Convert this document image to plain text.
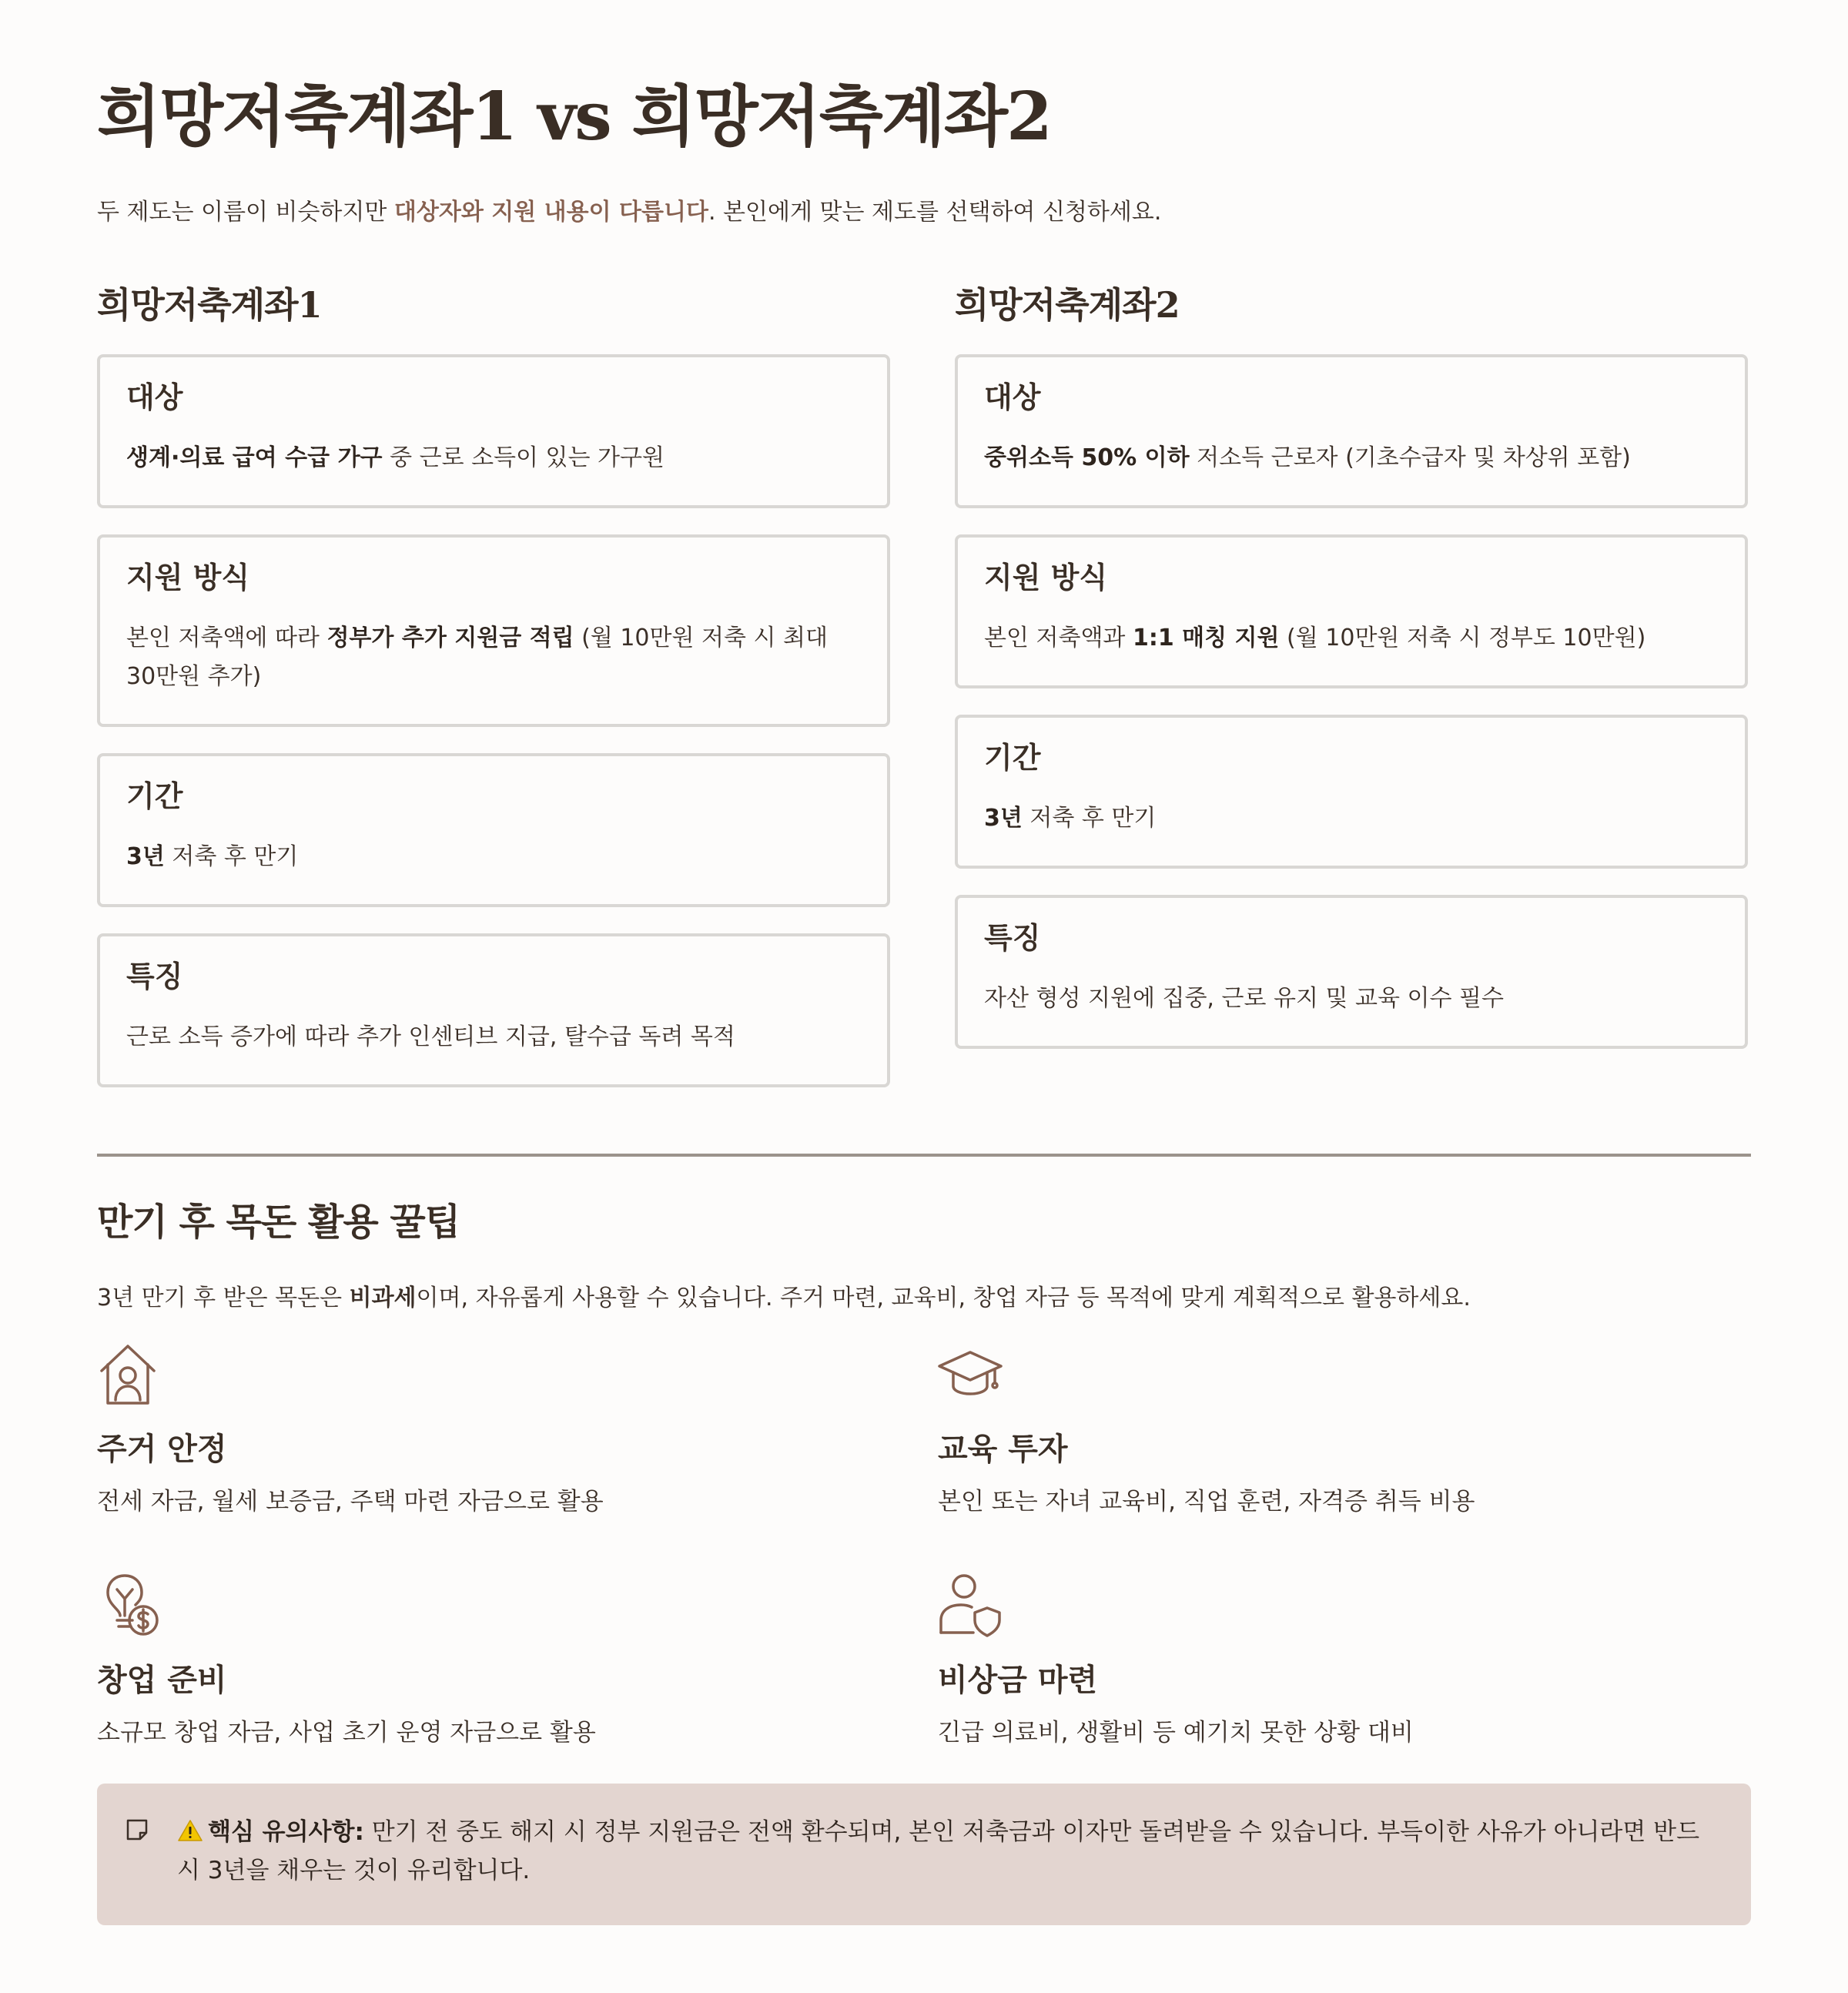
희망저축계좌1 vs 희망저축계좌2

두 제도는 이름이 비슷하지만 대상자와 지원 내용이 다릅니다. 본인에게 맞는 제도를 선택하여 신청하세요.

희망저축계좌1
대상
생계·의료 급여 수급 가구 중 근로 소득이 있는 가구원
지원 방식
본인 저축액에 따라 정부가 추가 지원금 적립 (월 10만원 저축 시 최대 30만원 추가)
기간
3년 저축 후 만기
특징
근로 소득 증가에 따라 추가 인센티브 지급, 탈수급 독려 목적
희망저축계좌2
대상
중위소득 50% 이하 저소득 근로자 (기초수급자 및 차상위 포함)
지원 방식
본인 저축액과 1:1 매칭 지원 (월 10만원 저축 시 정부도 10만원)
기간
3년 저축 후 만기
특징
자산 형성 지원에 집중, 근로 유지 및 교육 이수 필수
만기 후 목돈 활용 꿀팁

3년 만기 후 받은 목돈은 비과세이며, 자유롭게 사용할 수 있습니다. 주거 마련, 교육비, 창업 자금 등 목적에 맞게 계획적으로 활용하세요.

주거 안정
전세 자금, 월세 보증금, 주택 마련 자금으로 활용
교육 투자
본인 또는 자녀 교육비, 직업 훈련, 자격증 취득 비용
창업 준비
소규모 창업 자금, 사업 초기 운영 자금으로 활용
비상금 마련
긴급 의료비, 생활비 등 예기치 못한 상황 대비
핵심 유의사항: 만기 전 중도 해지 시 정부 지원금은 전액 환수되며, 본인 저축금과 이자만 돌려받을 수 있습니다. 부득이한 사유가 아니라면 반드시 3년을 채우는 것이 유리합니다.
